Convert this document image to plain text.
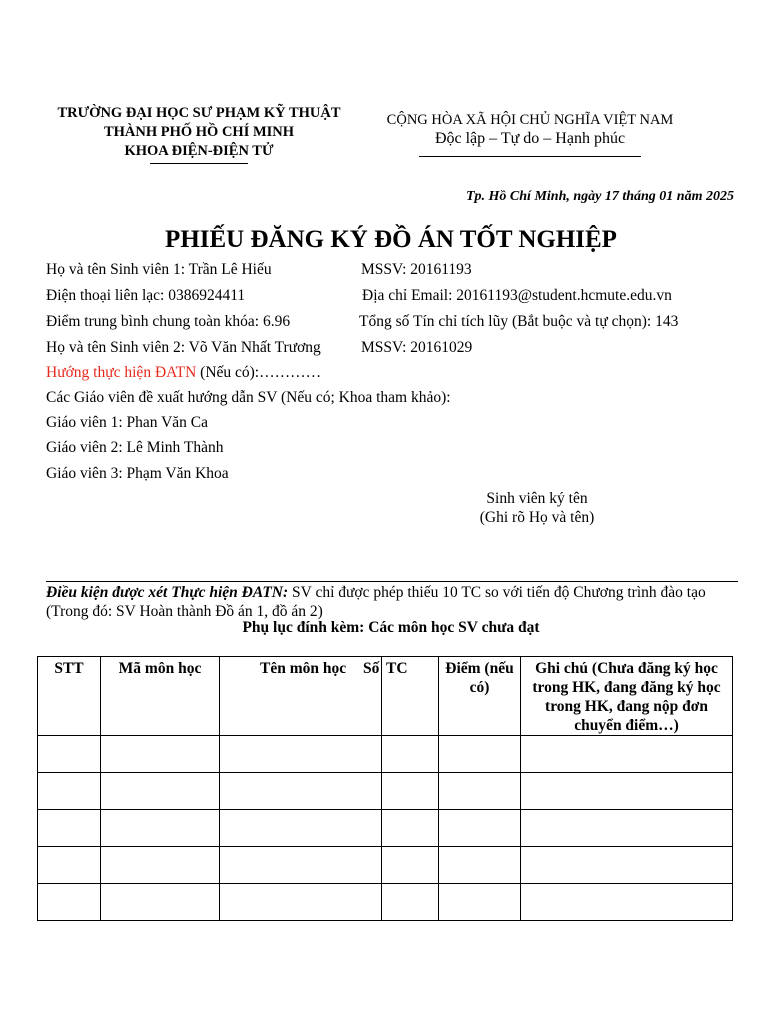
TRƯỜNG ĐẠI HỌC SƯ PHẠM KỸ THUẬT
THÀNH PHỐ HỒ CHÍ MINH
KHOA ĐIỆN-ĐIỆN TỬ
CỘNG HÒA XÃ HỘI CHỦ NGHĨA VIỆT NAM
Độc lập – Tự do – Hạnh phúc
Tp. Hồ Chí Minh, ngày 17 tháng 01 năm 2025
PHIẾU ĐĂNG KÝ ĐỒ ÁN TỐT NGHIỆP
Họ và tên Sinh viên 1: Trần Lê Hiếu	MSSV: 20161193
Điện thoại liên lạc: 0386924411	Địa chỉ Email: 20161193@student.hcmute.edu.vn
Điểm trung bình chung toàn khóa: 6.96	Tổng số Tín chỉ tích lũy (Bắt buộc và tự chọn): 143
Họ và tên Sinh viên 2: Võ Văn Nhất Trương	MSSV: 20161029
Hướng thực hiện ĐATN (Nếu có):…………
Các Giáo viên đề xuất hướng dẫn SV (Nếu có; Khoa tham khảo):
Giáo viên 1: Phan Văn Ca
Giáo viên 2: Lê Minh Thành
Giáo viên 3: Phạm Văn Khoa
Sinh viên ký tên
(Ghi rõ Họ và tên)
Điều kiện được xét Thực hiện ĐATN: SV chỉ được phép thiếu 10 TC so với tiến độ Chương trình đào tạo (Trong đó: SV Hoàn thành Đồ án 1, đồ án 2)
Phụ lục đính kèm: Các môn học SV chưa đạt
STT	Mã môn học	Tên môn học Số	TC	Điểm (nếu có)	Ghi chú (Chưa đăng ký học trong HK, đang đăng ký học trong HK, đang nộp đơn chuyển điểm…)
